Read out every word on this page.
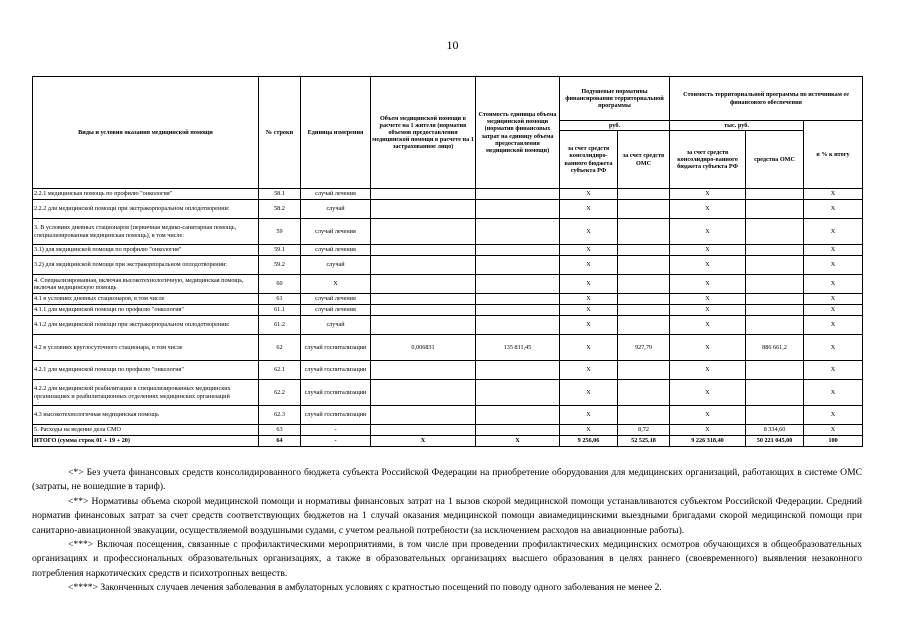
10
Виды и условия оказания медицинской помощи	№ строки	Единица измерения	Объем медицинской помощи в расчете на 1 жителя (норматив объемов предоставления медицинской помощи в расчете на 1 застрахованное лицо)	Стоимость единицы объема медицинской помощи (норматив финансовых затрат на единицу объема предоставления медицинской помощи)	Подушевые нормативы финансирования территориальной программы		Стоимость территориальной программы по источникам ее финансового обеспечения		
					руб.		тыс. руб.		в % к итогу
					за счет средств консолидиро-ванного бюджета субъекта РФ	за счет средств ОМС	за счет средств консолидиро-ванного бюджета субъекта РФ	средства ОМС	
2.2.1 медицинская помощь по профилю "онкология"	58.1	случай лечения			X		X		X
2.2.2 для медицинской помощи при экстракорпоральном оплодотворении:	58.2	случай			X		X		X
3. В условиях дневных стационаров (первичная медико-санитарная помощь, специализированная медицинская помощь), в том числе:	59	случай лечения			X		X		X
3.1) для медицинской помощи по профилю "онкология"	59.1	случай лечения			X		X		X
3.2) для медицинской помощи при экстракорпоральном оплодотворении:	59.2	случай			X		X		X
4. Специализированная, включая высокотехнологичную, медицинская помощь, включая медицинскую помощь	60	X			X		X		X
4.1 в условиях дневных стационаров, в том числе	61	случай лечения			X		X		X
4.1.1 для медицинской помощи по профилю "онкология"	61.1	случай лечения			X		X		X
4.1.2 для медицинской помощи при экстракорпоральном оплодотворении:	61.2	случай			X		X		X
4.2 в условиях круглосуточного стационара, в том числе	62	случай госпитализации	0,006831	135 811,45	X	927,79	X	886 661,2	X
4.2.1 для медицинской помощи по профилю "онкология"	62.1	случай госпитализации			X		X		X
4.2.2 для медицинской реабилитации в специализированных медицинских организациях и реабилитационных отделениях медицинских организаций	62.2	случай госпитализации			X		X		X
4.3 высокотехнологичная медицинская помощь	62.3	случай госпитализации			X		X		X
5. Расходы на ведение дела СМО	63	-			X	8,72	X	8 334,60	X
ИТОГО (сумма строк 01 + 19 + 20)	64	-	X	X	9 256,06	52 525,18	9 226 318,40	50 221 045,00	100

<*> Без учета финансовых средств консолидированного бюджета субъекта Российской Федерации на приобретение оборудования для медицинских организаций, работающих в системе ОМС (затраты, не вошедшие в тариф).

<**> Нормативы объема скорой медицинской помощи и нормативы финансовых затрат на 1 вызов скорой медицинской помощи устанавливаются субъектом Российской Федерации. Средний норматив финансовых затрат за счет средств соответствующих бюджетов на 1 случай оказания медицинской помощи авиамедицинскими выездными бригадами скорой медицинской помощи при санитарно-авиационной эвакуации, осуществляемой воздушными судами, с учетом реальной потребности (за исключением расходов на авиационные работы).

<***> Включая посещения, связанные с профилактическими мероприятиями, в том числе при проведении профилактических медицинских осмотров обучающихся в общеобразовательных организациях и профессиональных образовательных организациях, а также в образовательных организациях высшего образования в целях раннего (своевременного) выявления незаконного потребления наркотических средств и психотропных веществ.

<****> Законченных случаев лечения заболевания в амбулаторных условиях с кратностью посещений по поводу одного заболевания не менее 2.
